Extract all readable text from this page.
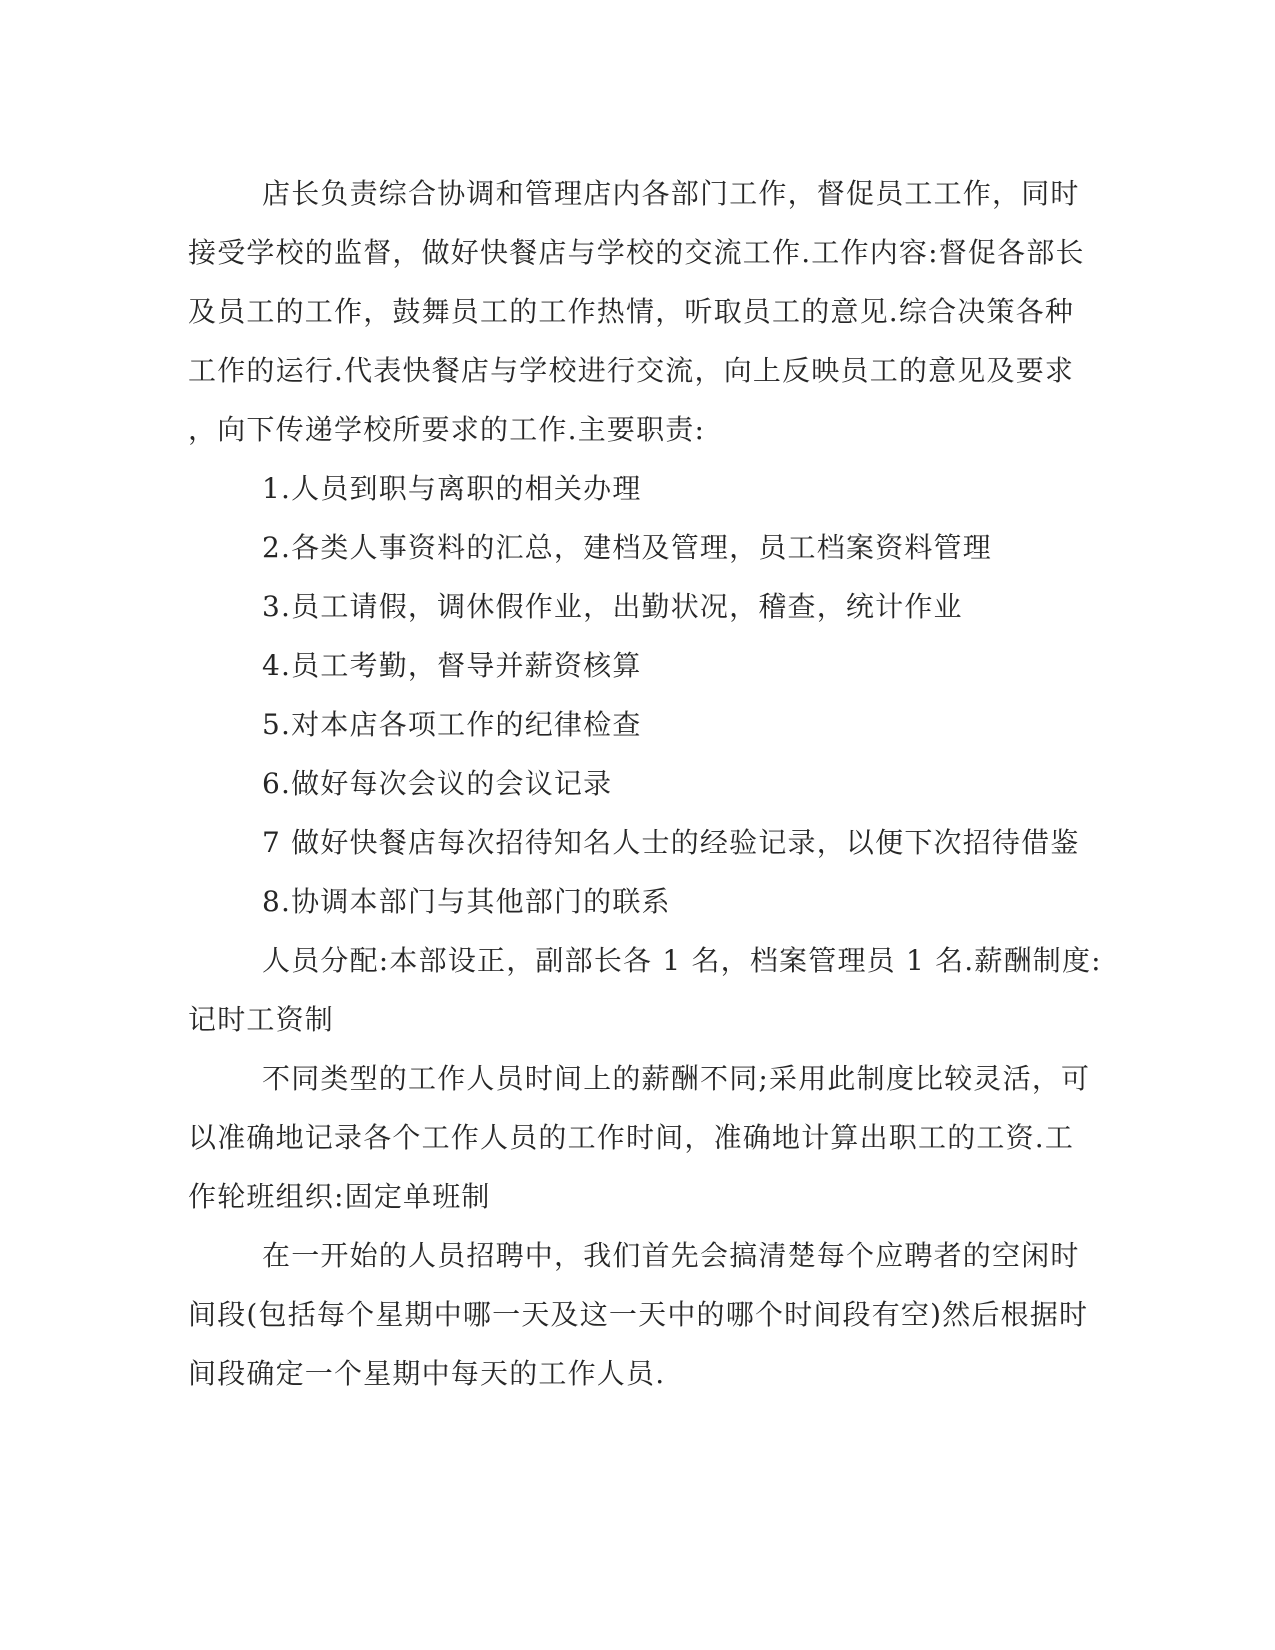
店长负责综合协调和管理店内各部门工作，督促员工工作，同时
接受学校的监督，做好快餐店与学校的交流工作.工作内容:督促各部长
及员工的工作，鼓舞员工的工作热情，听取员工的意见.综合决策各种
工作的运行.代表快餐店与学校进行交流，向上反映员工的意见及要求
，向下传递学校所要求的工作.主要职责:
1.人员到职与离职的相关办理
2.各类人事资料的汇总，建档及管理，员工档案资料管理
3.员工请假，调休假作业，出勤状况，稽查，统计作业
4.员工考勤，督导并薪资核算
5.对本店各项工作的纪律检查
6.做好每次会议的会议记录
7 做好快餐店每次招待知名人士的经验记录，以便下次招待借鉴
8.协调本部门与其他部门的联系
人员分配:本部设正，副部长各 1 名，档案管理员 1 名.薪酬制度:
记时工资制
不同类型的工作人员时间上的薪酬不同;采用此制度比较灵活，可
以准确地记录各个工作人员的工作时间，准确地计算出职工的工资.工
作轮班组织:固定单班制
在一开始的人员招聘中，我们首先会搞清楚每个应聘者的空闲时
间段(包括每个星期中哪一天及这一天中的哪个时间段有空)然后根据时
间段确定一个星期中每天的工作人员.
